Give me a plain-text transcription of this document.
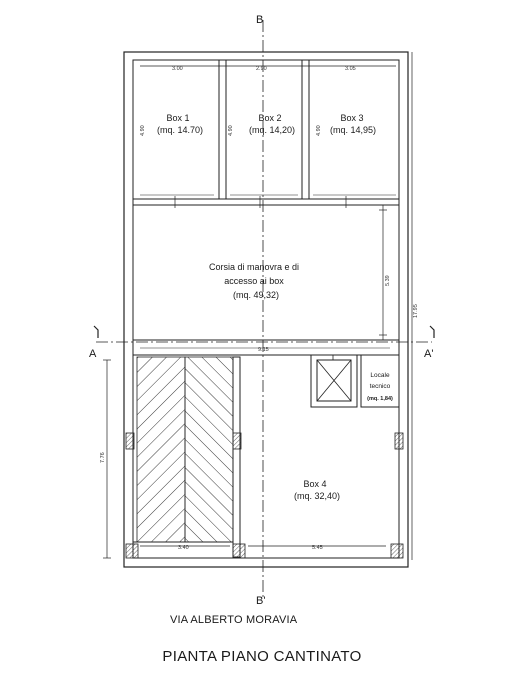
B
B'
A	A'
3.00	2.90	3.05
4.90	4.90	4.90
5.39
17.95
9.15
3.40	5.45
7.76
Box 1
(mq. 14.70)
Box 2
(mq. 14,20)
Box 3
(mq. 14,95)
Corsia di manovra e di
accesso ai box
(mq. 49,32)
Locale
tecnico
(mq. 1,84)
Box 4
(mq. 32,40)
VIA ALBERTO MORAVIA
PIANTA PIANO CANTINATO
